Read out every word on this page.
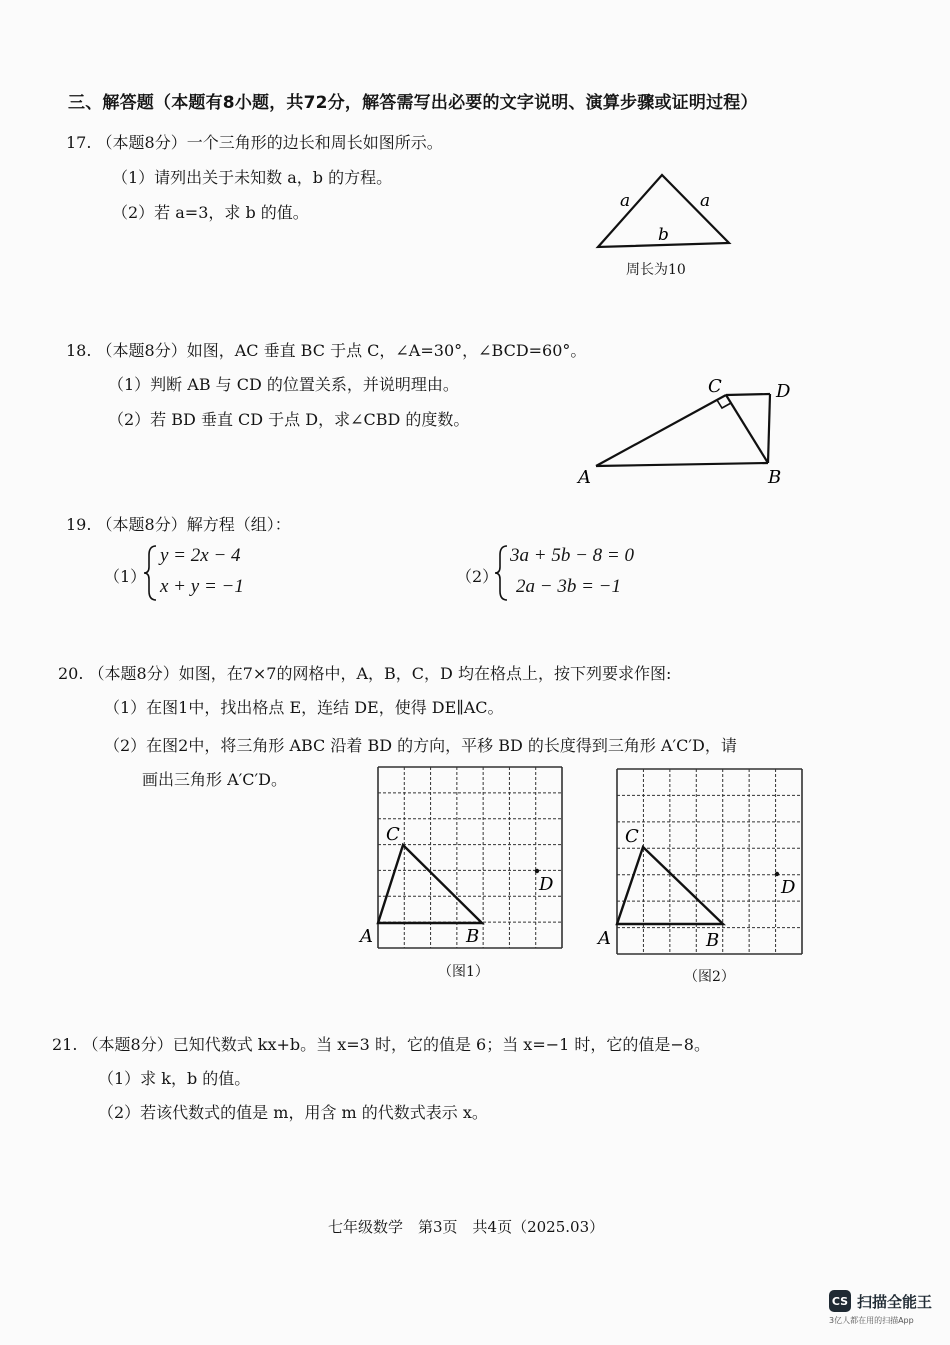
三、解答题（本题有8小题，共72分，解答需写出必要的文字说明、演算步骤或证明过程）
17. （本题8分）一个三角形的边长和周长如图所示。
（1）请列出关于未知数 a，b 的方程。
（2）若 a=3，求 b 的值。
a	a
b
周长为10
18. （本题8分）如图，AC 垂直 BC 于点 C，∠A=30°，∠BCD=60°。
（1）判断 AB 与 CD 的位置关系，并说明理由。
（2）若 BD 垂直 CD 于点 D，求∠CBD 的度数。
C	D
A	B
19. （本题8分）解方程（组）：
（1）
y = 2x − 4
x + y = −1	（2）
3a + 5b − 8 = 0
2a − 3b = −1
20. （本题8分）如图，在7×7的网格中，A，B，C，D 均在格点上，按下列要求作图:
（1）在图1中，找出格点 E，连结 DE，使得 DE∥AC。
（2）在图2中，将三角形 ABC 沿着 BD 的方向，平移 BD 的长度得到三角形 A′C′D，请
画出三角形 A′C′D。
C
A	B
D
（图1）
C
A	B
D
（图2）
21. （本题8分）已知代数式 kx+b。当 x=3 时，它的值是 6；当 x=−1 时，它的值是−8。
（1）求 k，b 的值。
（2）若该代数式的值是 m，用含 m 的代数式表示 x。
七年级数学　第3页　共4页（2025.03）
CS 扫描全能王
3亿人都在用的扫描App
